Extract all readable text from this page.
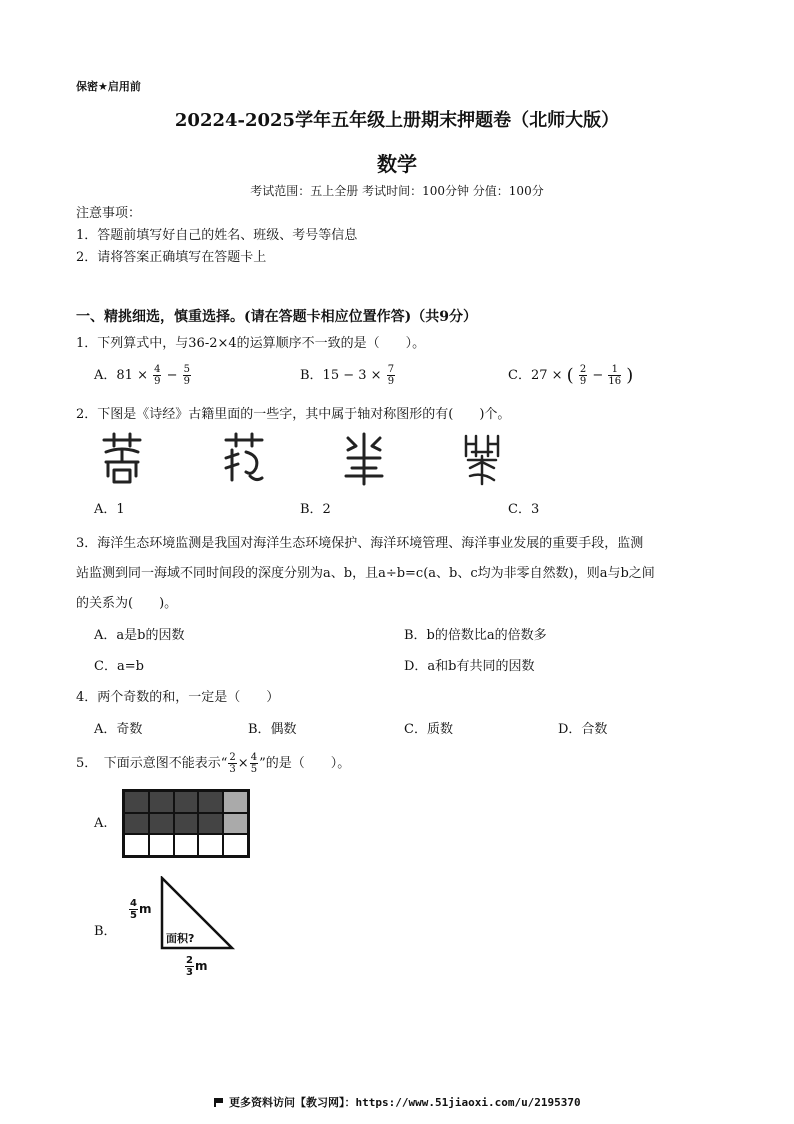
保密★启用前
20224-2025学年五年级上册期末押题卷（北师大版）
数学
考试范围：五上全册 考试时间：100分钟 分值：100分
注意事项：
1．答题前填写好自己的姓名、班级、考号等信息
2．请将答案正确填写在答题卡上
一、精挑细选，慎重选择。(请在答题卡相应位置作答)（共9分）
1．下列算式中，与36-2×4的运算顺序不一致的是（　　）。
A．$81 \times \frac{4}{9} - \frac{5}{9}$	B．$15 - 3 \times \frac{7}{9}$	C．27 × ( $\frac{2}{9} - \frac{1}{16}$ )
2．下图是《诗经》古籍里面的一些字，其中属于轴对称图形的有(　　)个。
A．1	B．2	C．3
3．海洋生态环境监测是我国对海洋生态环境保护、海洋环境管理、海洋事业发展的重要手段，监测
站监测到同一海域不同时间段的深度分别为a、b，且a÷b=c(a、b、c均为非零自然数)，则a与b之间
的关系为(　　)。
A．a是b的因数	B．b的倍数比a的倍数多
C．a=b	D．a和b有共同的因数
4．两个奇数的和，一定是（　　）
A．奇数	B．偶数	C．质数	D．合数
5．　下面示意图不能表示“ $\frac{2}{3} \times \frac{4}{5}$ ”的是（　　）。
A.
B．
$\frac{4}{5}$ m
面积?
$\frac{2}{3}$ m
更多资料访问【教习网】：https://www.51jiaoxi.com/u/2195370
